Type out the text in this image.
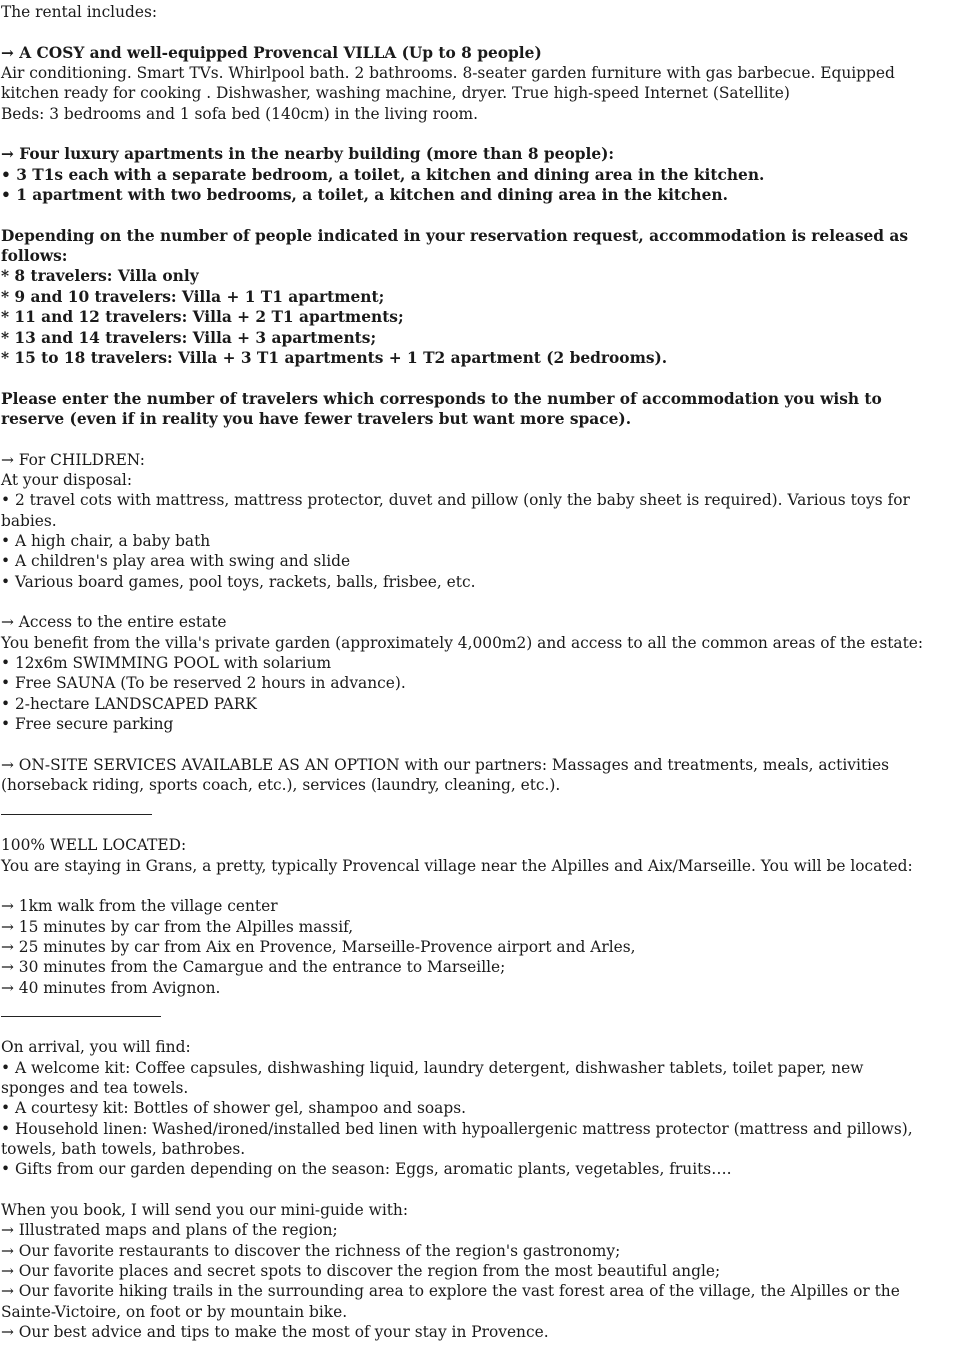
The rental includes:
→ A COSY and well-equipped Provencal VILLA (Up to 8 people)
Air conditioning. Smart TVs. Whirlpool bath. 2 bathrooms. 8-seater garden furniture with gas barbecue. Equipped kitchen ready for cooking . Dishwasher, washing machine, dryer. True high-speed Internet (Satellite)
Beds: 3 bedrooms and 1 sofa bed (140cm) in the living room.
→ Four luxury apartments in the nearby building (more than 8 people):
• 3 T1s each with a separate bedroom, a toilet, a kitchen and dining area in the kitchen.
• 1 apartment with two bedrooms, a toilet, a kitchen and dining area in the kitchen.
Depending on the number of people indicated in your reservation request, accommodation is released as follows:
* 8 travelers: Villa only
* 9 and 10 travelers: Villa + 1 T1 apartment;
* 11 and 12 travelers: Villa + 2 T1 apartments;
* 13 and 14 travelers: Villa + 3 apartments;
* 15 to 18 travelers: Villa + 3 T1 apartments + 1 T2 apartment (2 bedrooms).
Please enter the number of travelers which corresponds to the number of accommodation you wish to reserve (even if in reality you have fewer travelers but want more space).
→ For CHILDREN:
At your disposal:
• 2 travel cots with mattress, mattress protector, duvet and pillow (only the baby sheet is required). Various toys for babies.
• A high chair, a baby bath
• A children's play area with swing and slide
• Various board games, pool toys, rackets, balls, frisbee, etc.
→ Access to the entire estate
You benefit from the villa's private garden (approximately 4,000m2) and access to all the common areas of the estate:
• 12x6m SWIMMING POOL with solarium
• Free SAUNA (To be reserved 2 hours in advance).
• 2-hectare LANDSCAPED PARK
• Free secure parking
→ ON-SITE SERVICES AVAILABLE AS AN OPTION with our partners: Massages and treatments, meals, activities (horseback riding, sports coach, etc.), services (laundry, cleaning, etc.).
100% WELL LOCATED:
You are staying in Grans, a pretty, typically Provencal village near the Alpilles and Aix/Marseille. You will be located:
→ 1km walk from the village center
→ 15 minutes by car from the Alpilles massif,
→ 25 minutes by car from Aix en Provence, Marseille-Provence airport and Arles,
→ 30 minutes from the Camargue and the entrance to Marseille;
→ 40 minutes from Avignon.
On arrival, you will find:
• A welcome kit: Coffee capsules, dishwashing liquid, laundry detergent, dishwasher tablets, toilet paper, new sponges and tea towels.
• A courtesy kit: Bottles of shower gel, shampoo and soaps.
• Household linen: Washed/ironed/installed bed linen with hypoallergenic mattress protector (mattress and pillows), towels, bath towels, bathrobes.
• Gifts from our garden depending on the season: Eggs, aromatic plants, vegetables, fruits….
When you book, I will send you our mini-guide with:
→ Illustrated maps and plans of the region;
→ Our favorite restaurants to discover the richness of the region's gastronomy;
→ Our favorite places and secret spots to discover the region from the most beautiful angle;
→ Our favorite hiking trails in the surrounding area to explore the vast forest area of the village, the Alpilles or the Sainte-Victoire, on foot or by mountain bike.
→ Our best advice and tips to make the most of your stay in Provence.
